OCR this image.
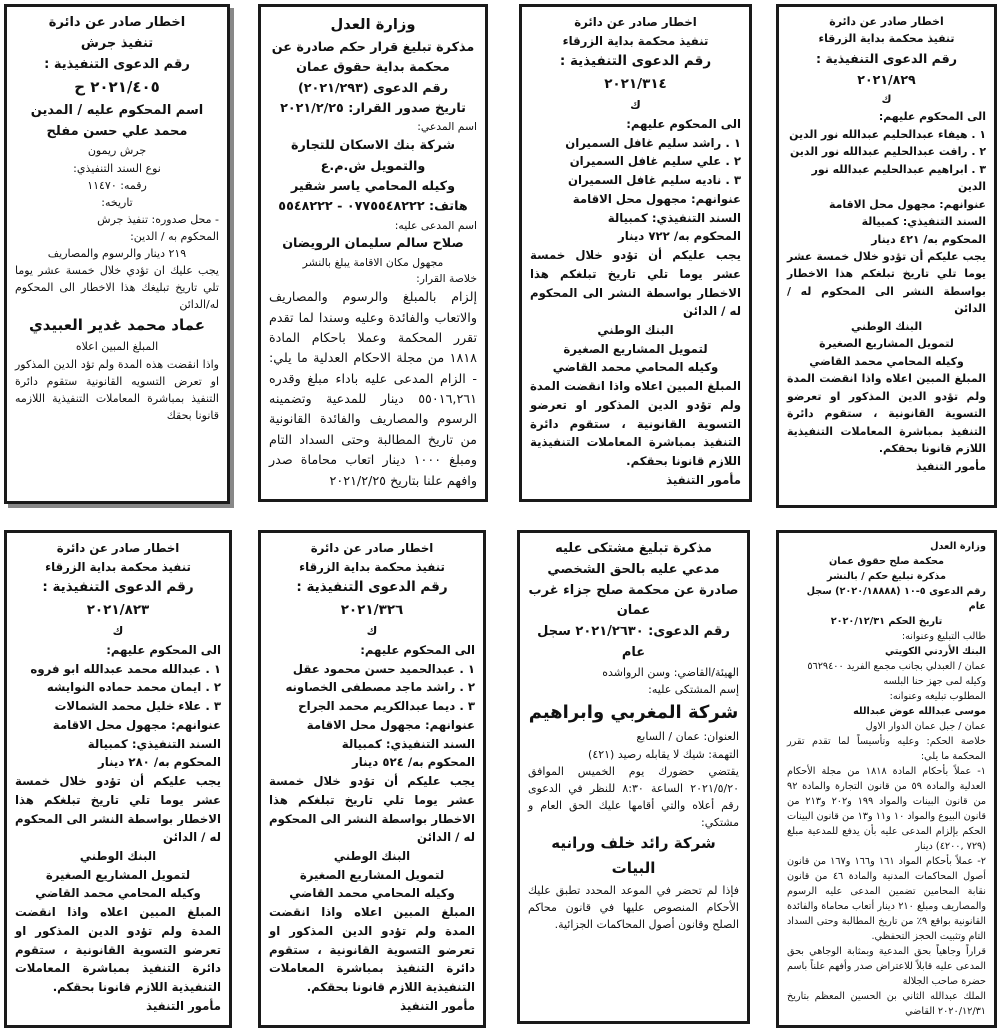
اخطار صادر عن دائرة

تنفيذ محكمة بداية الزرقاء

رقم الدعوى التنفيذية : ٢٠٢١/٨٢٩

ك

الى المحكوم عليهم:

١ . هيفاء عبدالحليم عبدالله نور الدين

٢ . رافت عبدالحليم عبدالله نور الدين

٣ . ابراهيم عبدالحليم عبدالله نور الدين

عنوانهم: مجهول محل الاقامة

السند التنفيذي: كمبيالة

المحكوم به/ ٤٢١ دينار

يجب عليكم أن تؤدو خلال خمسة عشر يوما تلي تاريخ تبلغكم هذا الاخطار بواسطة النشر الى المحكوم له / الدائن

البنك الوطني

لتمويل المشاريع الصغيرة

وكيله المحامي محمد القاضي

المبلغ المبين اعلاه واذا انقضت المدة ولم تؤدو الدين المذكور او تعرضو التسوية القانونية ، ستقوم دائرة التنفيذ بمباشرة المعاملات التنفيذية اللازم قانونا بحقكم.

مأمور التنفيذ

اخطار صادر عن دائرة

تنفيذ محكمة بداية الزرقاء

رقم الدعوى التنفيذية : ٢٠٢١/٣١٤

ك

الى المحكوم عليهم:

١ . راشد سليم غافل السميران

٢ . علي سليم غافل السميران

٣ . ناديه سليم غافل السميران

عنوانهم: مجهول محل الاقامة

السند التنفيذي: كمبيالة

المحكوم به/ ٧٢٢ دينار

يجب عليكم أن تؤدو خلال خمسة عشر يوما تلي تاريخ تبلغكم هذا الاخطار بواسطة النشر الى المحكوم له / الدائن

البنك الوطني

لتمويل المشاريع الصغيرة

وكيله المحامي محمد القاضي

المبلغ المبين اعلاه واذا انقضت المدة ولم تؤدو الدين المذكور او تعرضو التسوية القانونية ، ستقوم دائرة التنفيذ بمباشرة المعاملات التنفيذية اللازم قانونا بحقكم.

مأمور التنفيذ

وزارة العدل

مذكرة تبليغ قرار حكم صادرة عن محكمة بداية حقوق عمان

رقم الدعوى (٢٠٢١/٢٩٣)

تاريخ صدور القرار: ٢٠٢١/٢/٢٥

اسم المدعي:

شركة بنك الاسكان للتجارة والتمويل ش.م.ع

وكيله المحامي ياسر شقير

هاتف: ٠٧٧٥٥٤٨٢٢٢ - ٥٥٤٨٢٢٢

اسم المدعى عليه:

صلاح سالم سليمان الرويضان

مجهول مكان الاقامة يبلغ بالنشر

خلاصة القرار:

إلزام بالمبلغ والرسوم والمصاريف والاتعاب والفائدة وعليه وسندا لما تقدم تقرر المحكمة وعملا باحكام المادة ١٨١٨ من مجلة الاحكام العدلية ما يلي: - الزام المدعى عليه باداء مبلغ وقدره ٥٥٠١٦,٢٦١ دينار للمدعية وتضمينه الرسوم والمصاريف والفائدة القانونية من تاريخ المطالبة وحتى السداد التام ومبلغ ١٠٠٠ دينار اتعاب محاماة صدر وافهم علنا بتاريخ ٢٠٢١/٢/٢٥

اخطار صادر عن دائرة

تنفيذ جرش

رقم الدعوى التنفيذية :

٢٠٢١/٤٠٥ ح

اسم المحكوم عليه / المدين

محمد علي حسن مفلح

جرش ريمون

نوع السند التنفيذي:

رقمه: ١١٤٧٠

تاريخه:

- محل صدوره: تنفيذ جرش

المحكوم به / الدين:

٢١٩ دينار والرسوم والمصاريف

يجب عليك ان تؤدي خلال خمسة عشر يوما تلي تاريخ تبليغك هذا الاخطار الى المحكوم له/الدائن

عماد محمد غدير العبيدي

المبلغ المبين اعلاه

واذا انقضت هذه المدة ولم تؤد الدين المذكور او تعرض التسويه القانونية ستقوم دائرة التنفيذ بمباشرة المعاملات التنفيذية اللازمه قانونا بحقك

وزارة العدل

محكمة صلح حقوق عمان

مذكرة تبليغ حكم / بالنشر

رقم الدعوى ٥-١٠ (٢٠٢٠/١٨٨٨٨) سجل عام

تاريخ الحكم ٢٠٢٠/١٢/٣١

طالب التبليغ وعنوانه:

البنك الأردني الكويتي

عمان / العبدلي بجانب مجمع الفريد ٥٦٢٩٤٠٠

وكيله لمى جهز حنا البلسه

المطلوب تبليغه وعنوانه:

موسى عبدالله عوض عبدالله

عمان / جبل عمان الدوار الاول

خلاصة الحكم: وعليه وتأسيساً لما تقدم تقرر المحكمة ما يلي:

١- عملاً بأحكام المادة ١٨١٨ من مجلة الأحكام العدلية والمادة ٥٩ من قانون التجارة والمادة ٩٢ من قانون البينات والمواد ١٩٩ و٢٠٢ و٢١٣ من قانون البيوع والمواد ١٠ و١١ و١٣ من قانون البينات الحكم بإلزام المدعى عليه بأن يدفع للمدعية مبلغ (٧٢٩ ,٤٢٠٠) دينار

٢- عملاً بأحكام المواد ١٦١ و١٦٦ و١٦٧ من قانون أصول المحاكمات المدنية والمادة ٤٦ من قانون نقابة المحامين تضمين المدعى عليه الرسوم والمصاريف ومبلغ ٢١٠ دينار أتعاب محاماة والفائدة القانونية بواقع ٩٪ من تاريخ المطالبة وحتى السداد التام وتثبيت الحجز التحفظي.

قراراً وجاهياً بحق المدعية وبمثابة الوجاهي بحق المدعى عليه قابلاً للاعتراض صدر وأفهم علناً باسم حضرة صاحب الجلالة

الملك عبدالله الثاني بن الحسين المعظم بتاريخ ٢٠٢٠/١٢/٣١ القاضي

مذكرة تبليغ مشتكى عليه

مدعي عليه بالحق الشخصي صادرة عن محكمة صلح جزاء غرب عمان

رقم الدعوى: ٢٠٢١/٢٦٣٠ سجل عام

الهيئة/القاضي: وسن الرواشده

إسم المشتكى عليه:

شركة المغربي وابراهيم

العنوان: عمان / السابع

التهمة: شيك لا يقابله رصيد (٤٢١)

يقتضي حضورك يوم الخميس الموافق ٢٠٢١/٥/٢٠ الساعة ٨:٣٠ للنظر في الدعوى رقم أعلاه والتي أقامها عليك الحق العام و مشتكي:

شركة رائد خلف ورانيه البيات

فإذا لم تحضر في الموعد المحدد تطبق عليك الأحكام المنصوص عليها في قانون محاكم الصلح وقانون أصول المحاكمات الجزائية.

اخطار صادر عن دائرة

تنفيذ محكمة بداية الزرقاء

رقم الدعوى التنفيذية : ٢٠٢١/٣٢٦

ك

الى المحكوم عليهم:

١ . عبدالحميد حسن محمود عقل

٢ . راشد ماجد مصطفى الخصاونه

٣ . ديما عبدالكريم محمد الجراح

عنوانهم: مجهول محل الاقامة

السند التنفيذي: كمبيالة

المحكوم به/ ٥٢٤ دينار

يجب عليكم أن تؤدو خلال خمسة عشر يوما تلي تاريخ تبلغكم هذا الاخطار بواسطة النشر الى المحكوم له / الدائن

البنك الوطني

لتمويل المشاريع الصغيرة

وكيله المحامي محمد القاضي

المبلغ المبين اعلاه واذا انقضت المدة ولم تؤدو الدين المذكور او تعرضو التسوية القانونية ، ستقوم دائرة التنفيذ بمباشرة المعاملات التنفيذية اللازم قانونا بحقكم.

مأمور التنفيذ

اخطار صادر عن دائرة

تنفيذ محكمة بداية الزرقاء

رقم الدعوى التنفيذية : ٢٠٢١/٨٢٣

ك

الى المحكوم عليهم:

١ . عبدالله محمد عبدالله ابو فروه

٢ . ايمان محمد حماده النوايشه

٣ . علاء خليل محمد الشمالات

عنوانهم: مجهول محل الاقامة

السند التنفيذي: كمبيالة

المحكوم به/ ٢٨٠ دينار

يجب عليكم أن تؤدو خلال خمسة عشر يوما تلي تاريخ تبلغكم هذا الاخطار بواسطة النشر الى المحكوم له / الدائن

البنك الوطني

لتمويل المشاريع الصغيرة

وكيله المحامي محمد القاضي

المبلغ المبين اعلاه واذا انقضت المدة ولم تؤدو الدين المذكور او تعرضو التسوية القانونية ، ستقوم دائرة التنفيذ بمباشرة المعاملات التنفيذية اللازم قانونا بحقكم.

مأمور التنفيذ
